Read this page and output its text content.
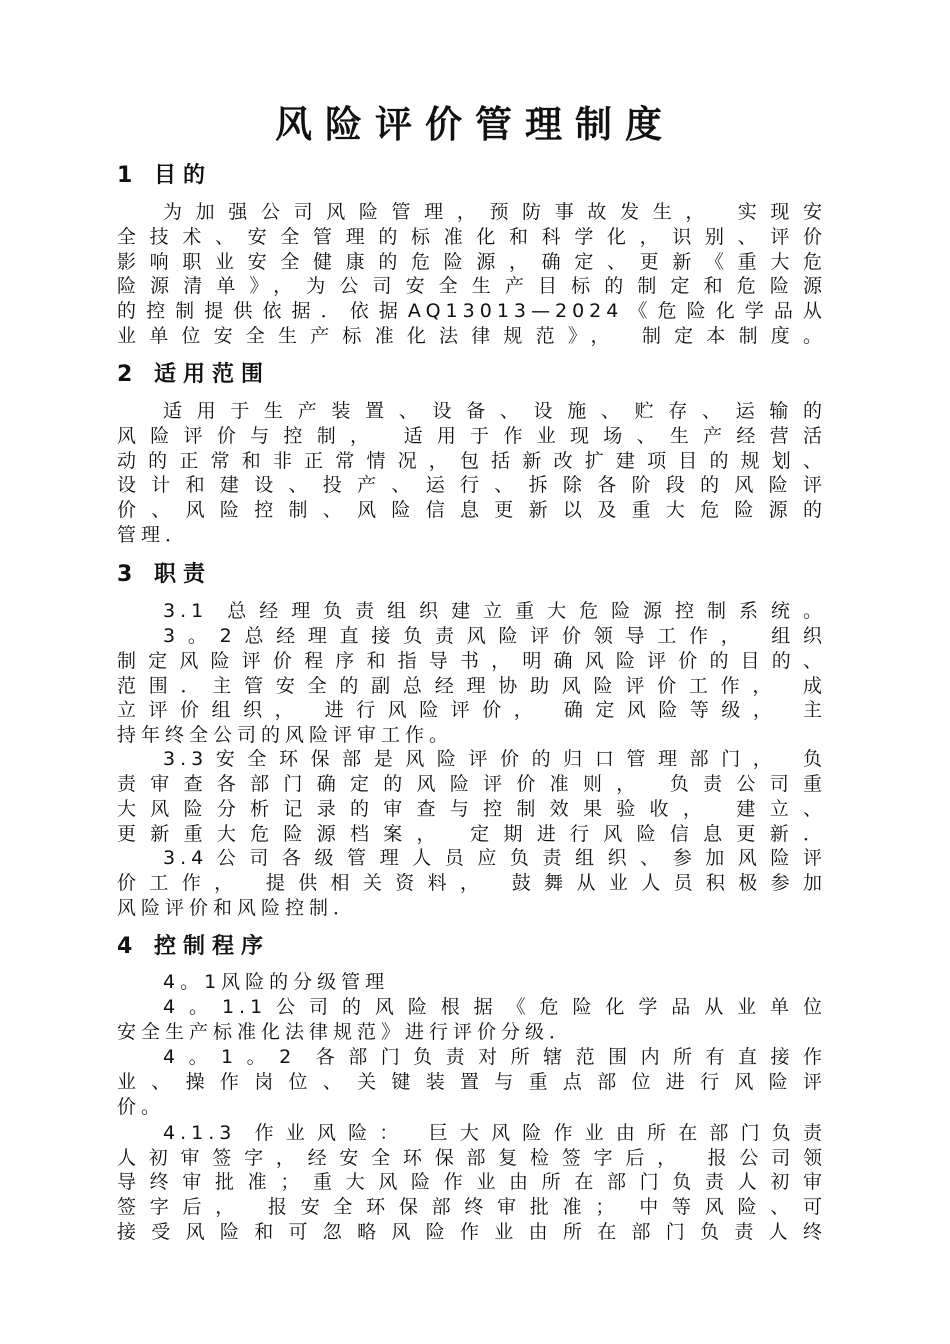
风险评价管理制度
1 目的
为加强公司风险管理，预防事故发生， 实现安
全技术、安全管理的标准化和科学化，识别、评价
影响职业安全健康的危险源，确定、更新《重大危
险源清单》，为公司安全生产目标的制定和危险源
的控制提供依据．依据AQ13013—2024《危险化学品从
业单位安全生产标准化法律规范》， 制定本制度。
2 适用范围
适用于生产装置、设备、设施、贮存、运输的
风险评价与控制， 适用于作业现场、生产经营活
动的正常和非正常情况，包括新改扩建项目的规划、
设计和建设、投产、运行、拆除各阶段的风险评
价、风险控制、风险信息更新以及重大危险源的
管理．
3 职责
3.1 总经理负责组织建立重大危险源控制系统。
3。2总经理直接负责风险评价领导工作， 组织
制定风险评价程序和指导书，明确风险评价的目的、
范围．主管安全的副总经理协助风险评价工作， 成
立评价组织， 进行风险评价， 确定风险等级， 主
持年终全公司的风险评审工作。
3.3安全环保部是风险评价的归口管理部门， 负
责审查各部门确定的风险评价准则， 负责公司重
大风险分析记录的审查与控制效果验收， 建立、
更新重大危险源档案， 定期进行风险信息更新．
3.4公司各级管理人员应负责组织、参加风险评
价工作， 提供相关资料， 鼓舞从业人员积极参加
风险评价和风险控制．
4 控制程序
4。1风险的分级管理
4。1.1公司的风险根据《危险化学品从业单位
安全生产标准化法律规范》进行评价分级．
4。1。2 各部门负责对所辖范围内所有直接作
业、操作岗位、关键装置与重点部位进行风险评
价。
4.1.3 作业风险： 巨大风险作业由所在部门负责
人初审签字，经安全环保部复检签字后， 报公司领
导终审批准；重大风险作业由所在部门负责人初审
签字后， 报安全环保部终审批准； 中等风险、可
接受风险和可忽略风险作业由所在部门负责人终
